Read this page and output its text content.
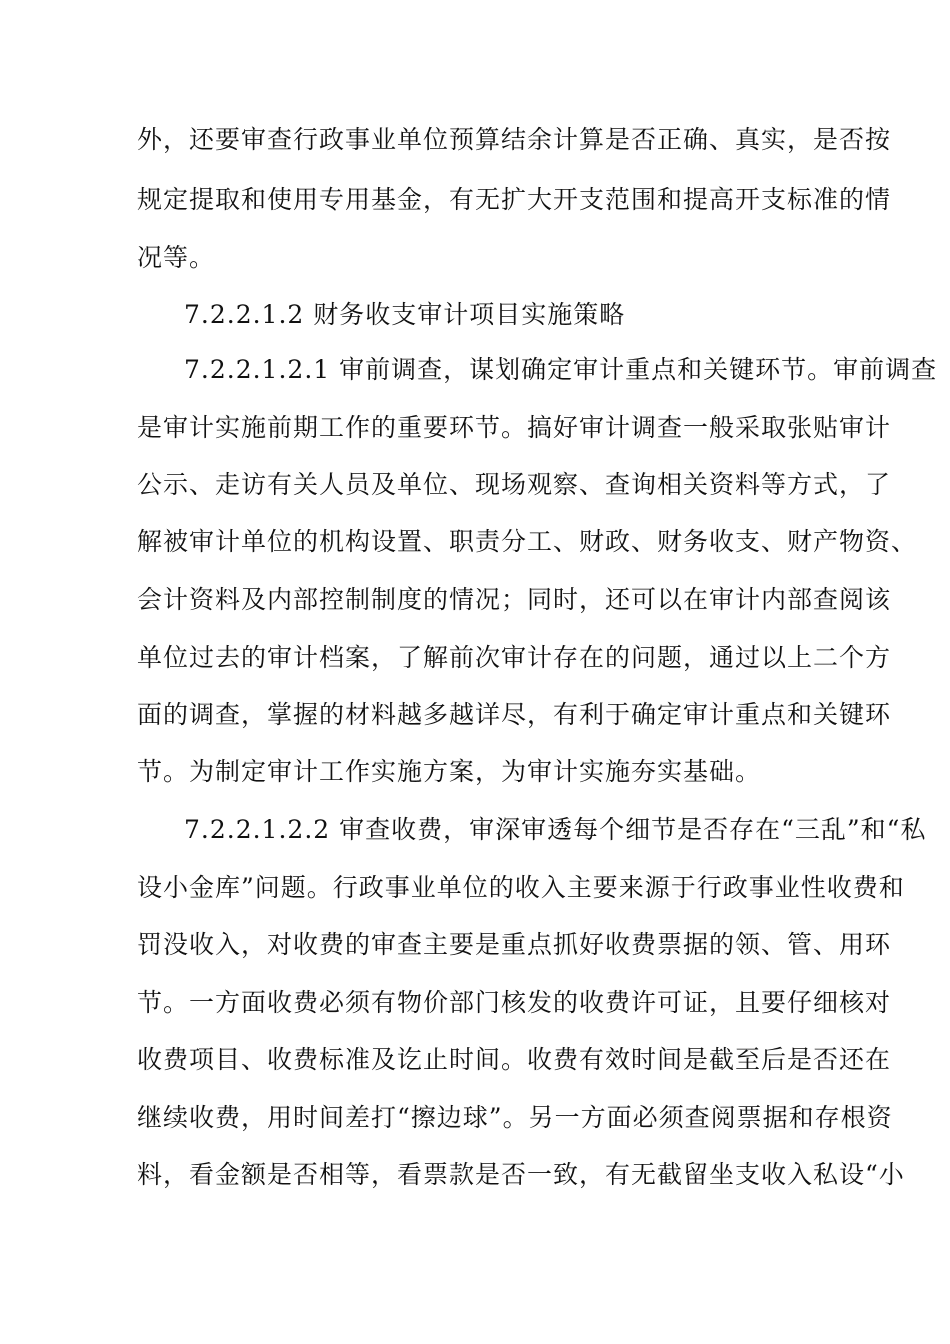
外，还要审查行政事业单位预算结余计算是否正确、真实，是否按
规定提取和使用专用基金，有无扩大开支范围和提高开支标准的情
况等。
7.2.2.1.2 财务收支审计项目实施策略
7.2.2.1.2.1 审前调查，谋划确定审计重点和关键环节。审前调查
是审计实施前期工作的重要环节。搞好审计调查一般采取张贴审计
公示、走访有关人员及单位、现场观察、查询相关资料等方式，了
解被审计单位的机构设置、职责分工、财政、财务收支、财产物资、
会计资料及内部控制制度的情况；同时，还可以在审计内部查阅该
单位过去的审计档案，了解前次审计存在的问题，通过以上二个方
面的调查，掌握的材料越多越详尽，有利于确定审计重点和关键环
节。为制定审计工作实施方案，为审计实施夯实基础。
7.2.2.1.2.2 审查收费，审深审透每个细节是否存在“三乱”和“私
设小金库”问题。行政事业单位的收入主要来源于行政事业性收费和
罚没收入，对收费的审查主要是重点抓好收费票据的领、管、用环
节。一方面收费必须有物价部门核发的收费许可证，且要仔细核对
收费项目、收费标准及讫止时间。收费有效时间是截至后是否还在
继续收费，用时间差打“擦边球”。另一方面必须查阅票据和存根资
料，看金额是否相等，看票款是否一致，有无截留坐支收入私设“小
